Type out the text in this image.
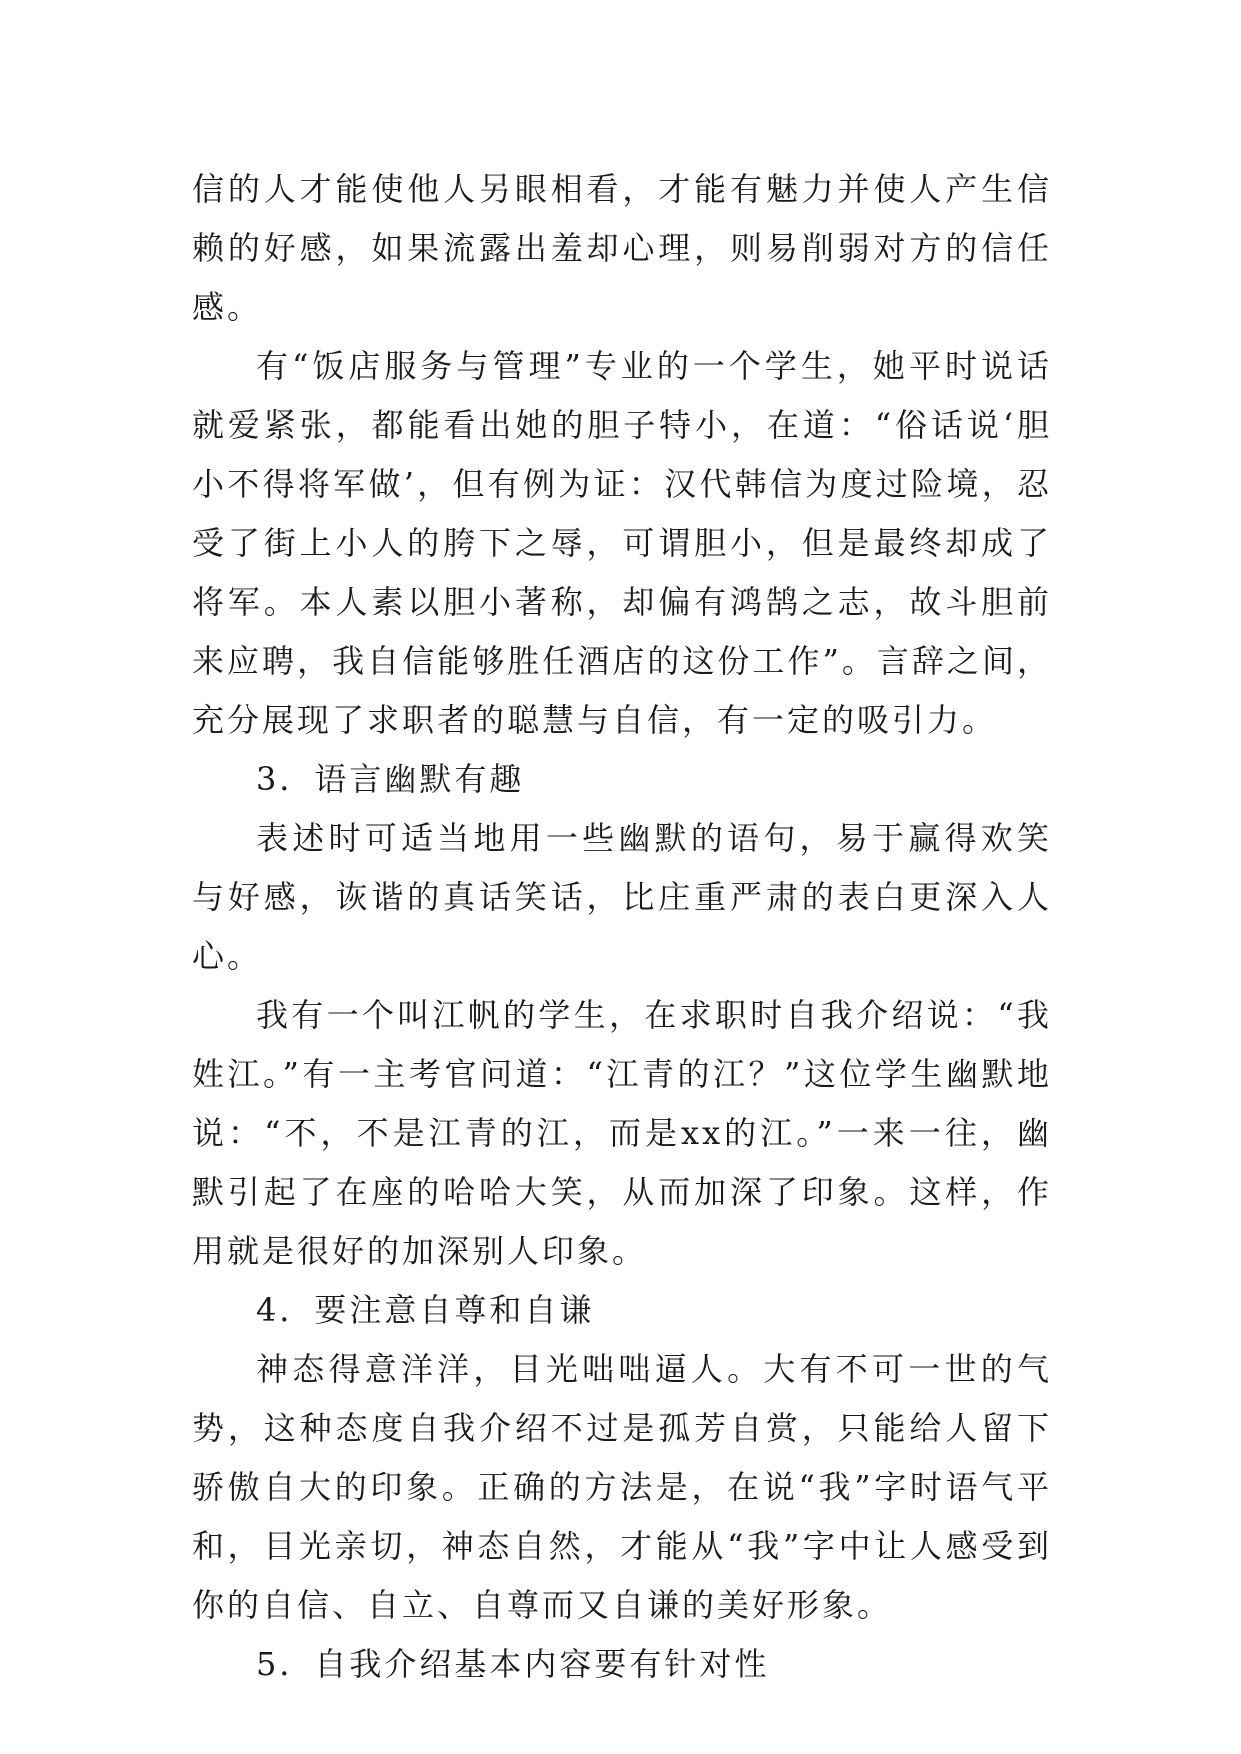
信的人才能使他人另眼相看，才能有魅力并使人产生信赖的好感，如果流露出羞却心理，则易削弱对方的信任感。

有“饭店服务与管理”专业的一个学生，她平时说话就爱紧张，都能看出她的胆子特小，在道：“俗话说‘胆小不得将军做’，但有例为证：汉代韩信为度过险境，忍受了街上小人的胯下之辱，可谓胆小，但是最终却成了将军。本人素以胆小著称，却偏有鸿鹄之志，故斗胆前来应聘，我自信能够胜任酒店的这份工作”。言辞之间，充分展现了求职者的聪慧与自信，有一定的吸引力。

3．语言幽默有趣

表述时可适当地用一些幽默的语句，易于赢得欢笑与好感，诙谐的真话笑话，比庄重严肃的表白更深入人心。

我有一个叫江帆的学生，在求职时自我介绍说：“我姓江。”有一主考官问道：“江青的江？”这位学生幽默地说：“不，不是江青的江，而是xx的江。”一来一往，幽默引起了在座的哈哈大笑，从而加深了印象。这样，作用就是很好的加深别人印象。

4．要注意自尊和自谦

神态得意洋洋，目光咄咄逼人。大有不可一世的气势，这种态度自我介绍不过是孤芳自赏，只能给人留下骄傲自大的印象。正确的方法是，在说“我”字时语气平和，目光亲切，神态自然，才能从“我”字中让人感受到你的自信、自立、自尊而又自谦的美好形象。

5．自我介绍基本内容要有针对性
